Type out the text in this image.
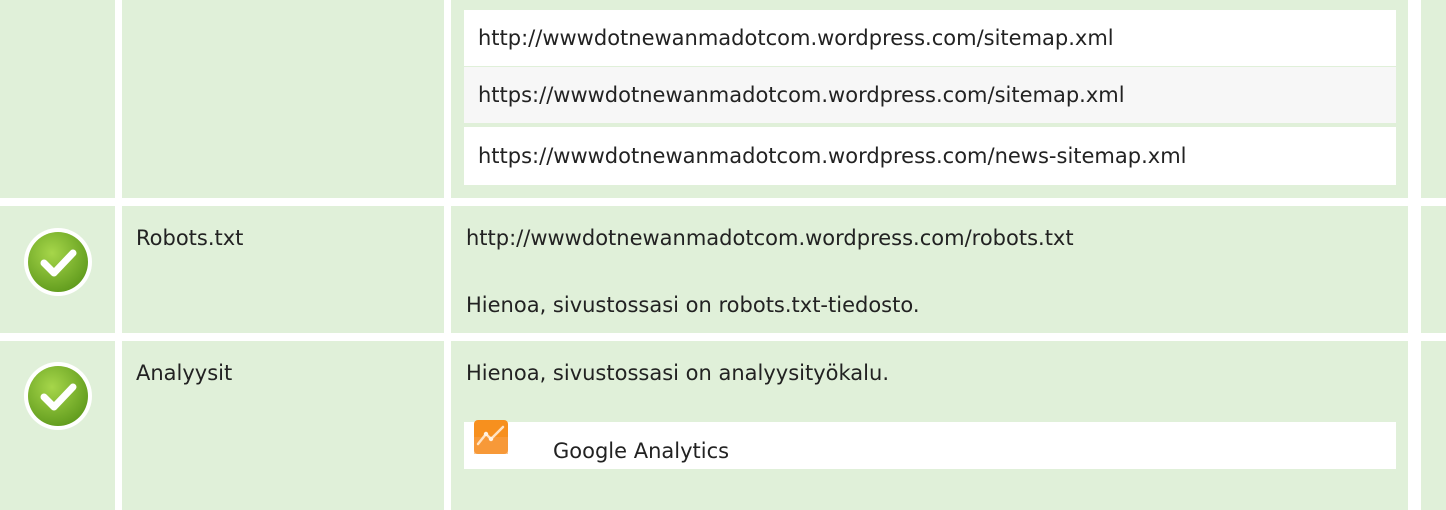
http://wwwdotnewanmadotcom.wordpress.com/sitemap.xml
https://wwwdotnewanmadotcom.wordpress.com/sitemap.xml
https://wwwdotnewanmadotcom.wordpress.com/news-sitemap.xml
Robots.txt	http://wwwdotnewanmadotcom.wordpress.com/robots.txt
Hienoa, sivustossasi on robots.txt-tiedosto.
Analyysit	Hienoa, sivustossasi on analyysityökalu.
Google Analytics
